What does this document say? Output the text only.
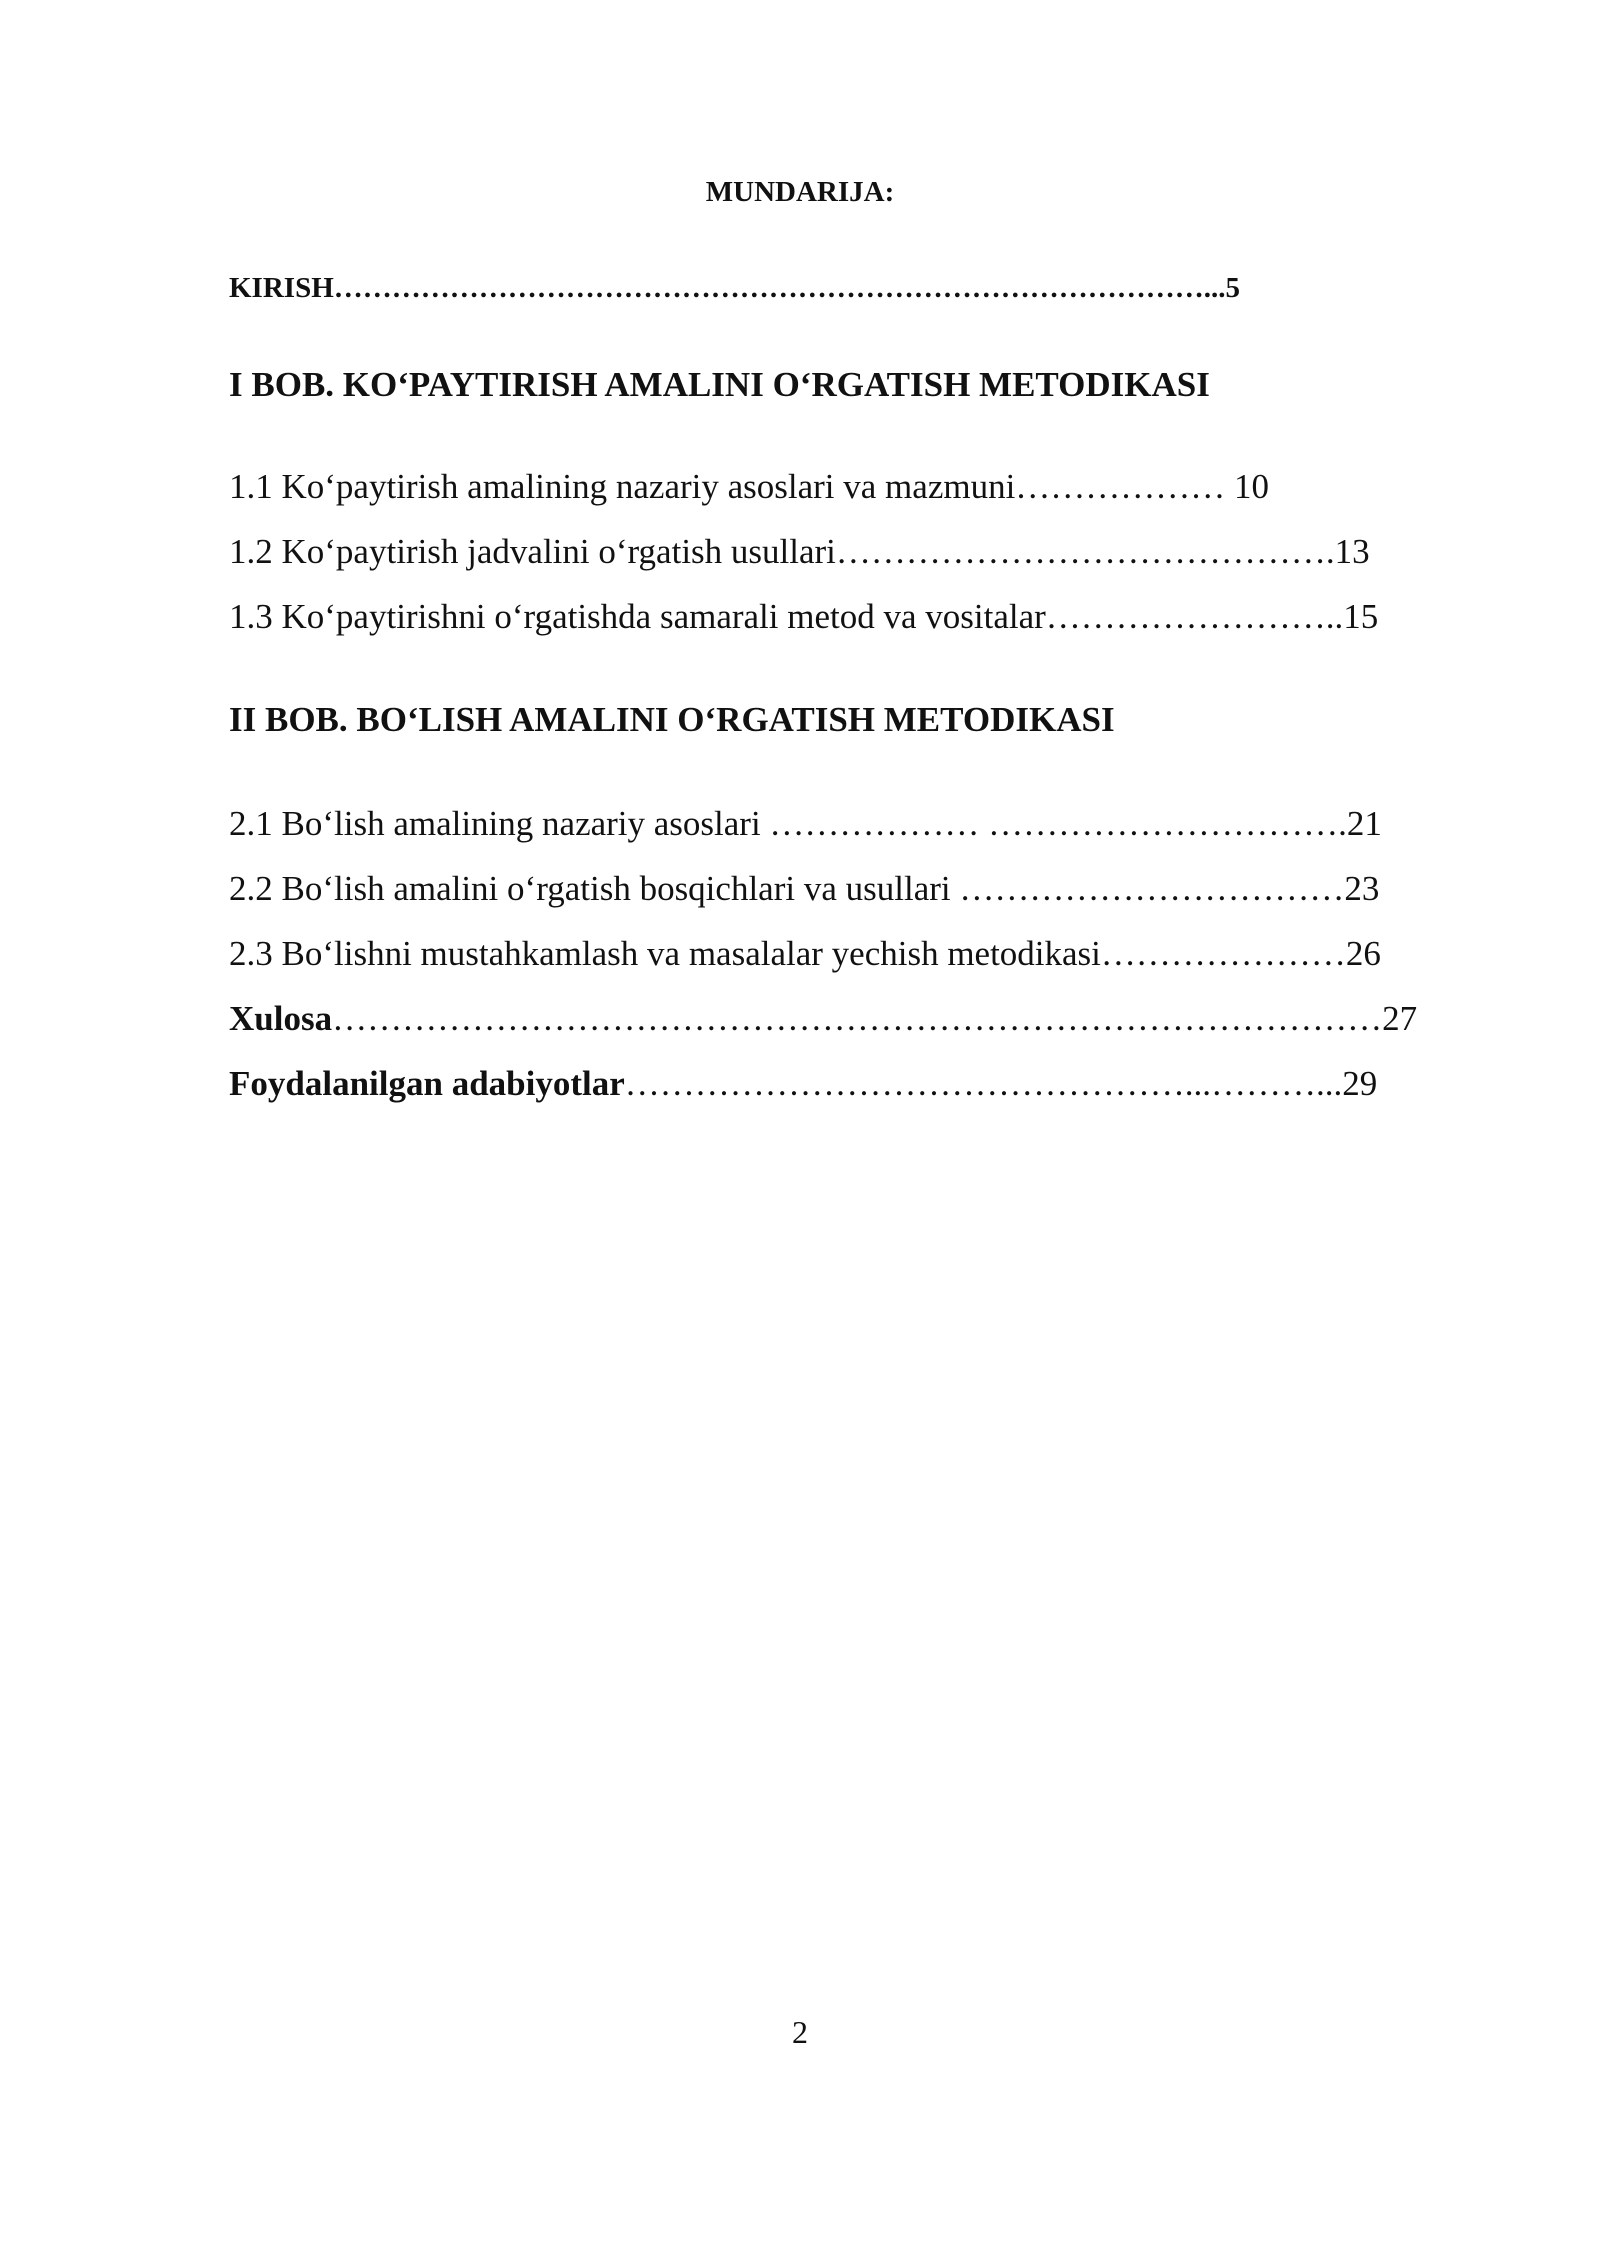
MUNDARIJA:
KIRISH………………………………………………………………………………...5
I BOB. KO‘PAYTIRISH AMALINI O‘RGATISH METODIKASI
1.1 Ko‘paytirish amalining nazariy asoslari va mazmuni……………… 10
1.2 Ko‘paytirish jadvalini o‘rgatish usullari…………………………………….13
1.3 Ko‘paytirishni o‘rgatishda samarali metod va vositalar……………………..15
II BOB. BO‘LISH AMALINI O‘RGATISH METODIKASI
2.1 Bo‘lish amalining nazariy asoslari ……………… ………………………….21
2.2 Bo‘lish amalini o‘rgatish bosqichlari va usullari ……………………………23
2.3 Bo‘lishni mustahkamlash va masalalar yechish metodikasi…………………26
Xulosa………………………………………………………………………………27
Foydalanilgan adabiyotlar…………………………………………...………...29
2
